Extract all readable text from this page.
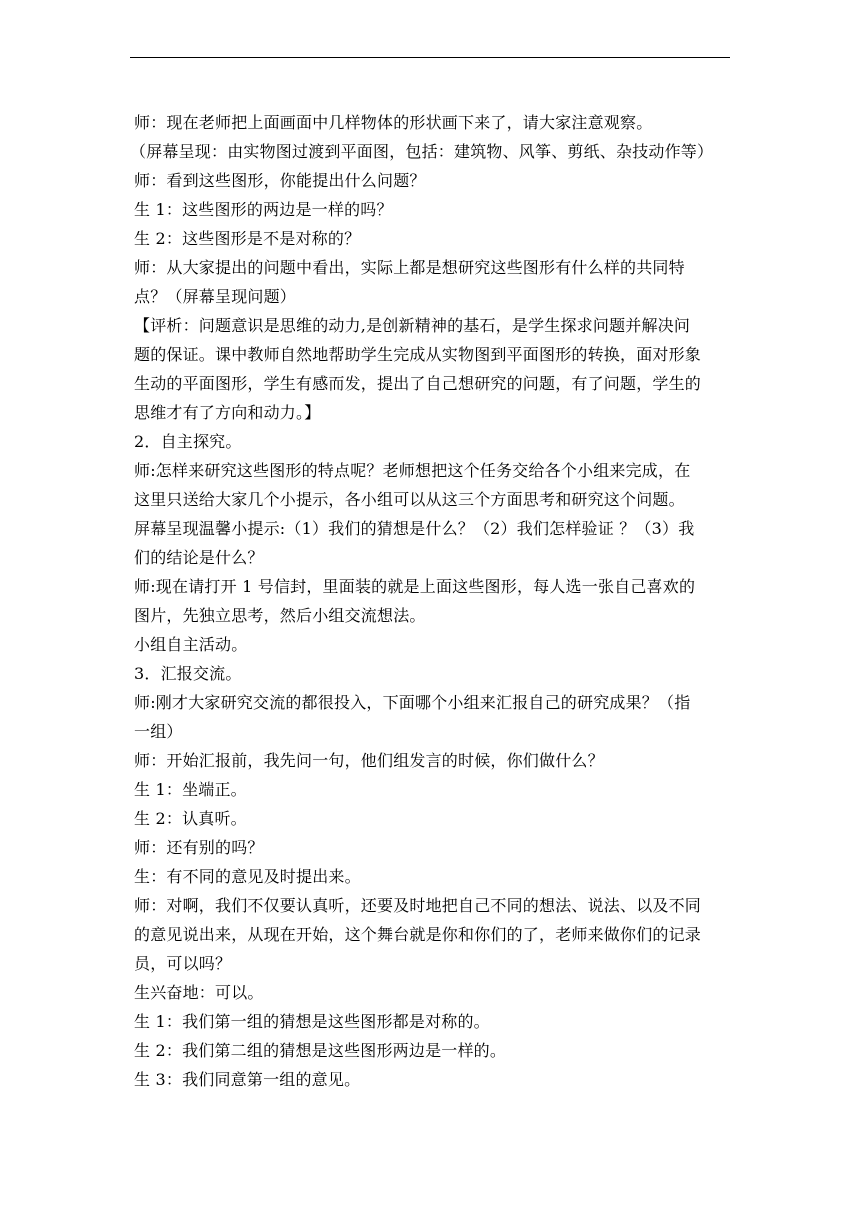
师：现在老师把上面画面中几样物体的形状画下来了，请大家注意观察。
（屏幕呈现：由实物图过渡到平面图，包括：建筑物、风筝、剪纸、杂技动作等）
师：看到这些图形，你能提出什么问题？
生 1：这些图形的两边是一样的吗？
生 2：这些图形是不是对称的？
师：从大家提出的问题中看出，实际上都是想研究这些图形有什么样的共同特
点？（屏幕呈现问题）
【评析：问题意识是思维的动力,是创新精神的基石，是学生探求问题并解决问
题的保证。课中教师自然地帮助学生完成从实物图到平面图形的转换，面对形象
生动的平面图形，学生有感而发，提出了自己想研究的问题，有了问题，学生的
思维才有了方向和动力。】
2．自主探究。
师:怎样来研究这些图形的特点呢？老师想把这个任务交给各个小组来完成，在
这里只送给大家几个小提示，各小组可以从这三个方面思考和研究这个问题。
屏幕呈现温馨小提示:（1）我们的猜想是什么？（2）我们怎样验证 ？（3）我
们的结论是什么？
师:现在请打开 1 号信封，里面装的就是上面这些图形，每人选一张自己喜欢的
图片，先独立思考，然后小组交流想法。
小组自主活动。
3．汇报交流。
师:刚才大家研究交流的都很投入，下面哪个小组来汇报自己的研究成果？（指
一组）
师：开始汇报前，我先问一句，他们组发言的时候，你们做什么？
生 1：坐端正。
生 2：认真听。
师：还有别的吗？
生：有不同的意见及时提出来。
师：对啊，我们不仅要认真听，还要及时地把自己不同的想法、说法、以及不同
的意见说出来，从现在开始，这个舞台就是你和你们的了，老师来做你们的记录
员，可以吗？
生兴奋地：可以。
生 1：我们第一组的猜想是这些图形都是对称的。
生 2：我们第二组的猜想是这些图形两边是一样的。
生 3：我们同意第一组的意见。
